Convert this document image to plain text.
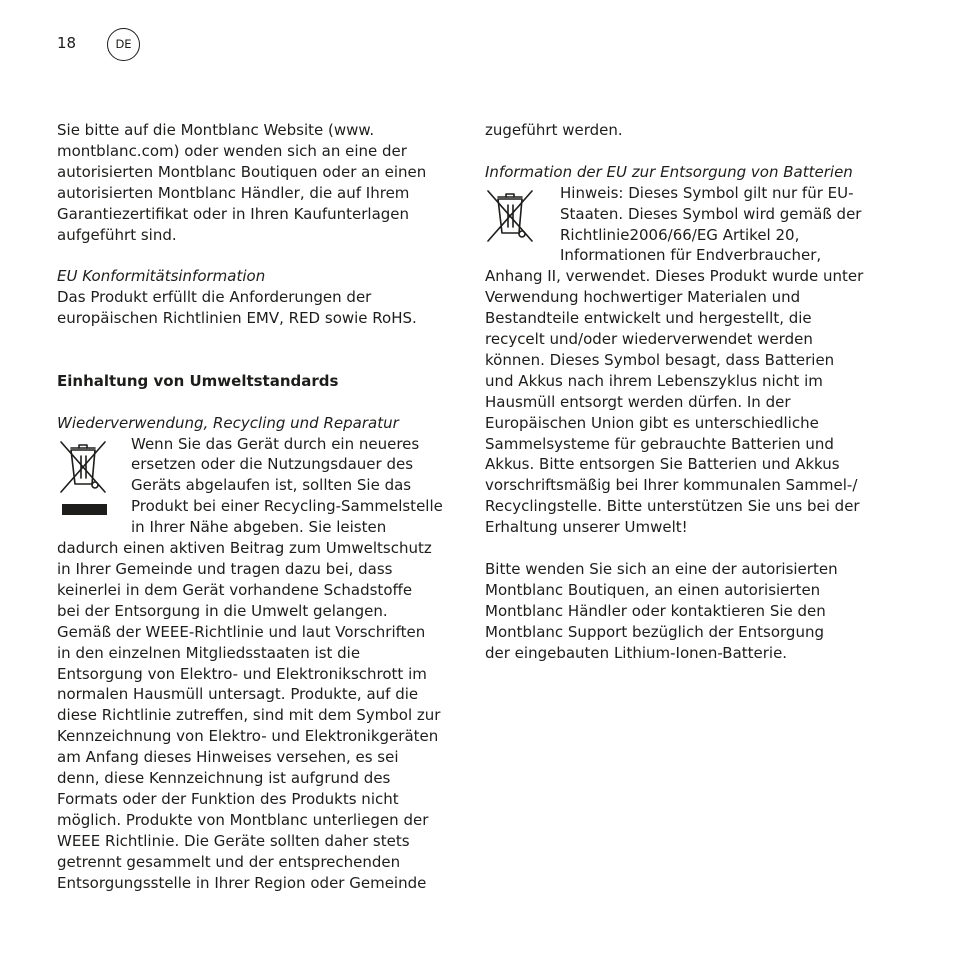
18	DE

Sie bitte auf die Montblanc Website (www.
montblanc.com) oder wenden sich an eine der
autorisierten Montblanc Boutiquen oder an einen
autorisierten Montblanc Händler, die auf Ihrem
Garantiezertifikat oder in Ihren Kaufunterlagen
aufgeführt sind.

EU Konformitätsinformation

Das Produkt erfüllt die Anforderungen der
europäischen Richtlinien EMV, RED sowie RoHS.

Einhaltung von Umweltstandards

Wiederverwendung, Recycling und Reparatur

Wenn Sie das Gerät durch ein neueres
ersetzen oder die Nutzungsdauer des
Geräts abgelaufen ist, sollten Sie das
Produkt bei einer Recycling-Sammelstelle
in Ihrer Nähe abgeben. Sie leisten

dadurch einen aktiven Beitrag zum Umweltschutz
in Ihrer Gemeinde und tragen dazu bei, dass
keinerlei in dem Gerät vorhandene Schadstoffe
bei der Entsorgung in die Umwelt gelangen.
Gemäß der WEEE-Richtlinie und laut Vorschriften
in den einzelnen Mitgliedsstaaten ist die
Entsorgung von Elektro- und Elektronikschrott im
normalen Hausmüll untersagt. Produkte, auf die
diese Richtlinie zutreffen, sind mit dem Symbol zur
Kennzeichnung von Elektro- und Elektronikgeräten
am Anfang dieses Hinweises versehen, es sei
denn, diese Kennzeichnung ist aufgrund des
Formats oder der Funktion des Produkts nicht
möglich. Produkte von Montblanc unterliegen der
WEEE Richtlinie. Die Geräte sollten daher stets
getrennt gesammelt und der entsprechenden
Entsorgungsstelle in Ihrer Region oder Gemeinde

zugeführt werden.

Information der EU zur Entsorgung von Batterien

Hinweis: Dieses Symbol gilt nur für EU-
Staaten. Dieses Symbol wird gemäß der
Richtlinie2006/66/EG Artikel 20,
Informationen für Endverbraucher,

Anhang II, verwendet. Dieses Produkt wurde unter
Verwendung hochwertiger Materialen und
Bestandteile entwickelt und hergestellt, die
recycelt und/oder wiederverwendet werden
können. Dieses Symbol besagt, dass Batterien
und Akkus nach ihrem Lebenszyklus nicht im
Hausmüll entsorgt werden dürfen. In der
Europäischen Union gibt es unterschiedliche
Sammelsysteme für gebrauchte Batterien und
Akkus. Bitte entsorgen Sie Batterien und Akkus
vorschriftsmäßig bei Ihrer kommunalen Sammel-/
Recyclingstelle. Bitte unterstützen Sie uns bei der
Erhaltung unserer Umwelt!

Bitte wenden Sie sich an eine der autorisierten
Montblanc Boutiquen, an einen autorisierten
Montblanc Händler oder kontaktieren Sie den
Montblanc Support bezüglich der Entsorgung
der eingebauten Lithium-Ionen-Batterie.
